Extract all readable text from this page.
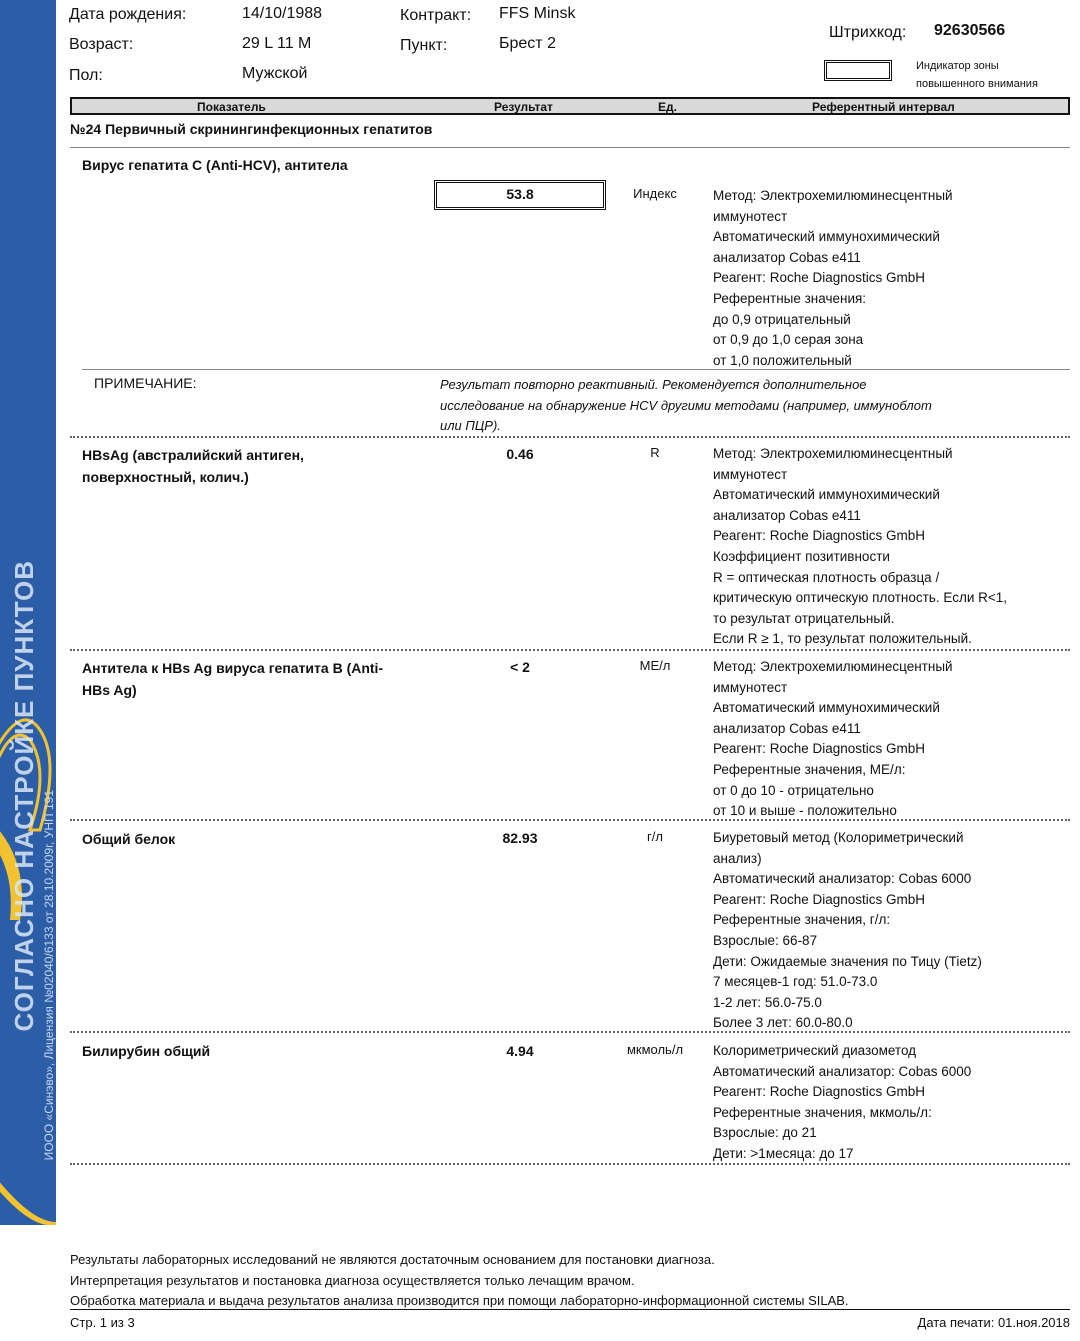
СОГЛАСНО НАСТРОЙКЕ ПУНКТОВ ИООО «Синэво», Лицензия №02040/6133 от 28.10.2009г, УНП 191
Дата рождения:	14/10/1988
Возраст:	29 L 11 M
Пол:	Мужской
Контракт: FFS Minsk
Пункт:	Брест 2
Штрихкод: 92630566
Индикатор зоны
повышенного внимания
Показатель	Результат	Ед.	Референтный интервал
№24 Первичный скринингинфекционных гепатитов
Вирус гепатита С (Anti-HCV), антитела
53.8	Индекс	Метод: Электрохемилюминесцентный
иммунотест
Автоматический иммунохимический
анализатор Cobas e411
Реагент: Roche Diagnostics GmbH
Референтные значения:
до 0,9 отрицательный
от 0,9 до 1,0 серая зона
от 1,0 положительный
ПРИМЕЧАНИЕ:	Результат повторно реактивный. Рекомендуется дополнительное
исследование на обнаружение HCV другими методами (например, иммуноблот
или ПЦР).
HBsAg (австралийский антиген, поверхностный, колич.)
0.46	R	Метод: Электрохемилюминесцентный
иммунотест
Автоматический иммунохимический
анализатор Cobas e411
Реагент: Roche Diagnostics GmbH
Коэффициент позитивности
R = оптическая плотность образца /
критическую оптическую плотность. Если R<1,
то результат отрицательный.
Если R ≥ 1, то результат положительный.
Антитела к HBs Ag вируса гепатита В (Anti-HBs Ag)
< 2	МЕ/л	Метод: Электрохемилюминесцентный
иммунотест
Автоматический иммунохимический
анализатор Cobas e411
Реагент: Roche Diagnostics GmbH
Референтные значения, МЕ/л:
от 0 до 10 - отрицательно
от 10 и выше - положительно
Общий белок	82.93	г/л	Биуретовый метод (Колориметрический
анализ)
Автоматический анализатор: Cobas 6000
Реагент: Roche Diagnostics GmbH
Референтные значения, г/л:
Взрослые: 66-87
Дети: Ожидаемые значения по Тицу (Tietz)
7 месяцев-1 год: 51.0-73.0
1-2 лет: 56.0-75.0
Более 3 лет: 60.0-80.0
Билирубин общий	4.94	мкмоль/л	Колориметрический диазометод
Автоматический анализатор: Cobas 6000
Реагент: Roche Diagnostics GmbH
Референтные значения, мкмоль/л:
Взрослые: до 21
Дети: >1месяца: до 17
Результаты лабораторных исследований не являются достаточным основанием для постановки диагноза.
Интерпретация результатов и постановка диагноза осуществляется только лечащим врачом.
Обработка материала и выдача результатов анализа производится при помощи лабораторно-информационной системы SILAB.
Стр. 1 из 3	Дата печати: 01.ноя.2018
